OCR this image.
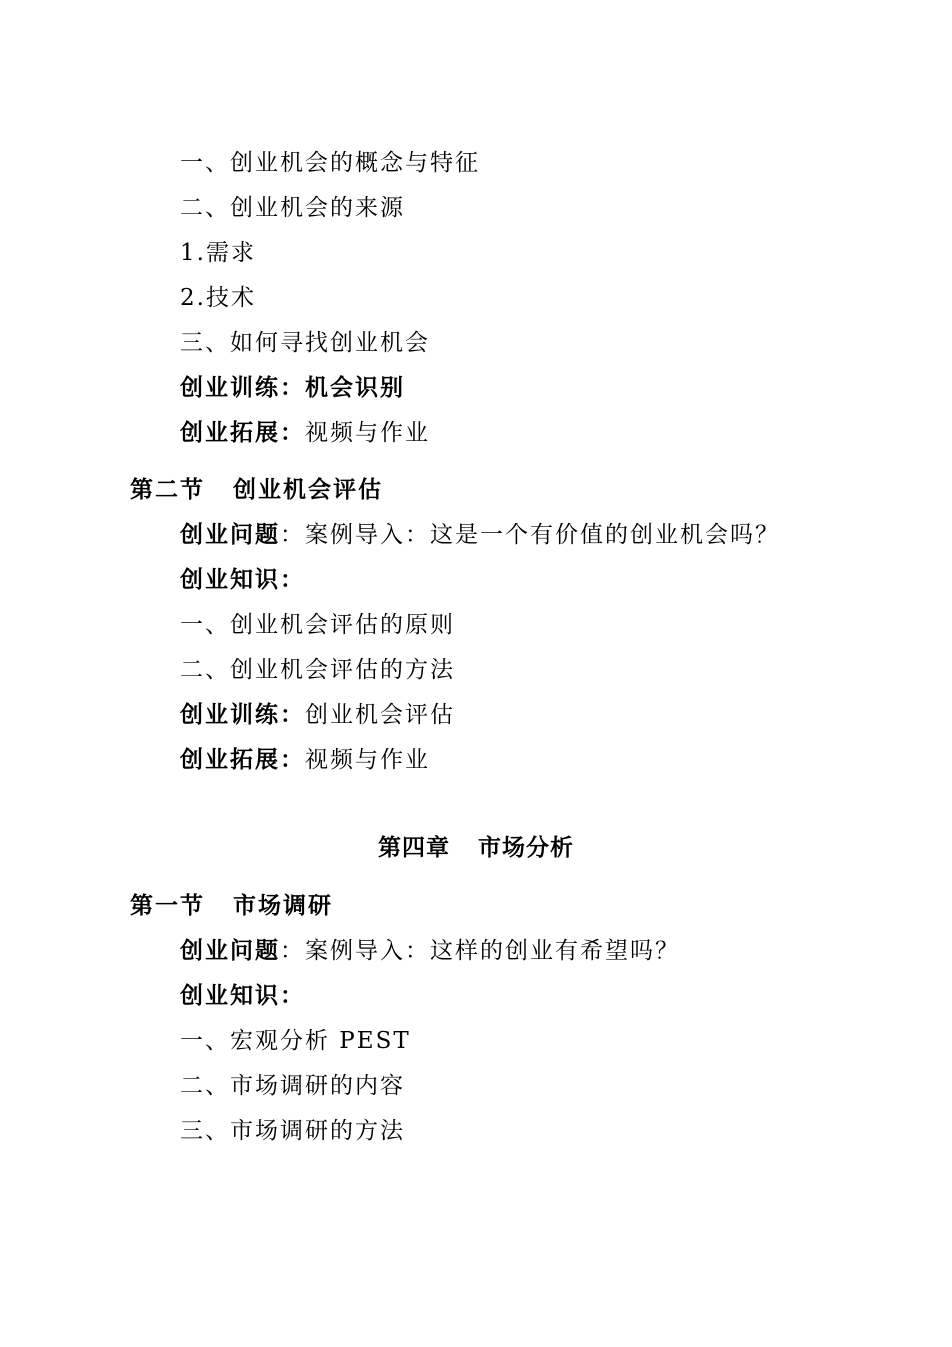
一、创业机会的概念与特征
二、创业机会的来源
1.需求
2.技术
三、如何寻找创业机会
创业训练：机会识别
创业拓展：视频与作业
第二节 创业机会评估
创业问题：案例导入：这是一个有价值的创业机会吗？
创业知识：
一、创业机会评估的原则
二、创业机会评估的方法
创业训练：创业机会评估
创业拓展：视频与作业
第四章 市场分析
第一节 市场调研
创业问题：案例导入：这样的创业有希望吗？
创业知识：
一、宏观分析 PEST
二、市场调研的内容
三、市场调研的方法
